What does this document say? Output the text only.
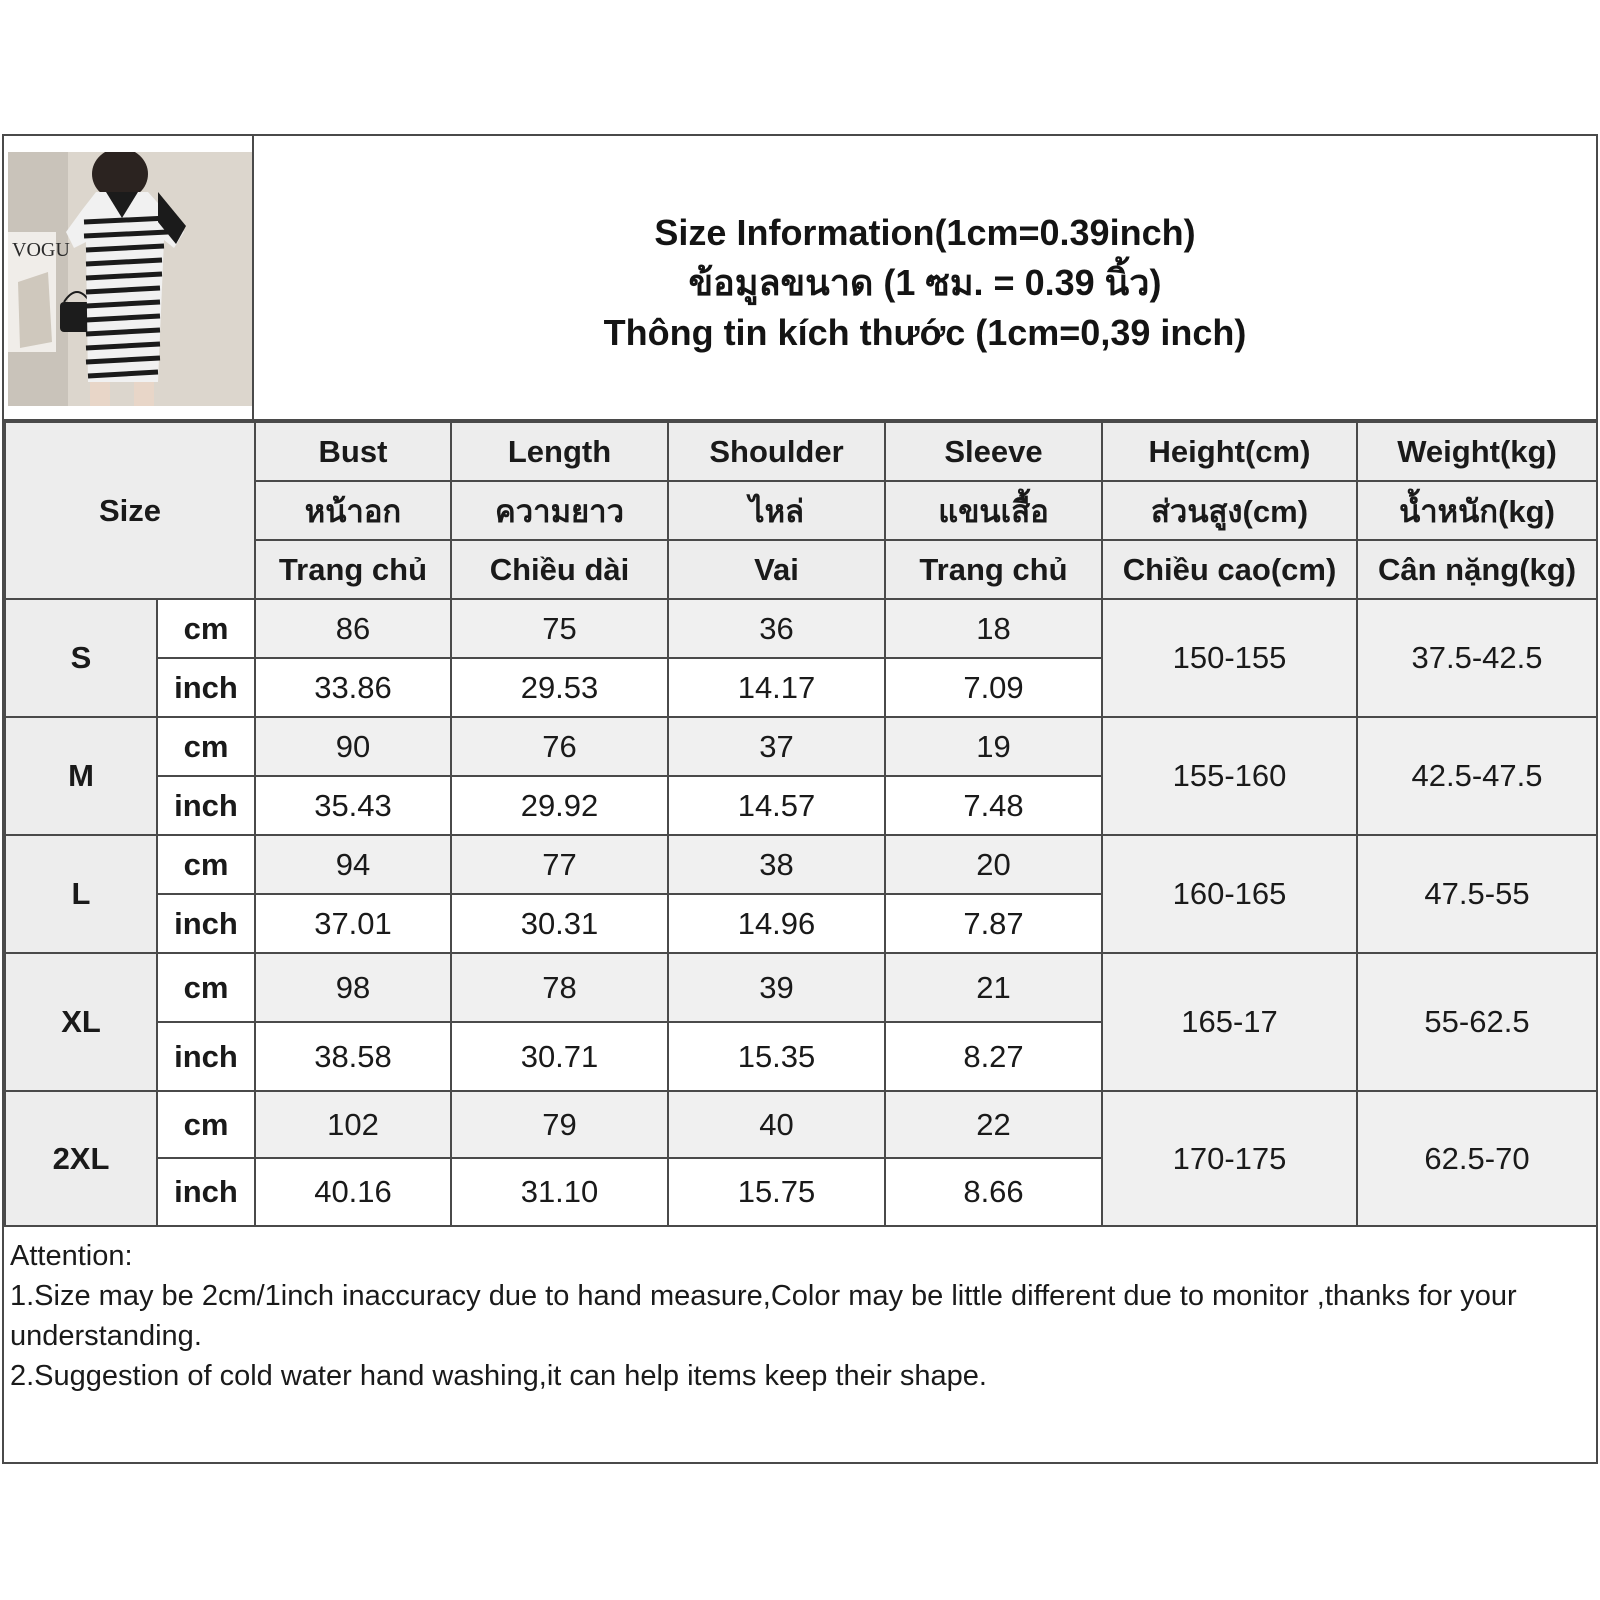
VOGU	Size Information(1cm=0.39inch)
ข้อมูลขนาด (1 ซม. = 0.39 นิ้ว)
Thông tin kích thước (1cm=0,39 inch)
Size		Bust	Length	Shoulder	Sleeve	Height(cm)	Weight(kg)
		หน้าอก	ความยาว	ไหล่	แขนเสื้อ	ส่วนสูง(cm)	น้ำหนัก(kg)
		Trang chủ	Chiều dài	Vai	Trang chủ	Chiều cao(cm)	Cân nặng(kg)
S	cm	86	75	36	18	150-155	37.5-42.5
	inch	33.86	29.53	14.17	7.09		
M	cm	90	76	37	19	155-160	42.5-47.5
	inch	35.43	29.92	14.57	7.48		
L	cm	94	77	38	20	160-165	47.5-55
	inch	37.01	30.31	14.96	7.87		
XL	cm	98	78	39	21	165-17	55-62.5
	inch	38.58	30.71	15.35	8.27		
2XL	cm	102	79	40	22	170-175	62.5-70
	inch	40.16	31.10	15.75	8.66		
Attention:
1.Size may be 2cm/1inch inaccuracy due to hand measure,Color may be little different due to monitor ,thanks for your understanding.
2.Suggestion of cold water hand washing,it can help items keep their shape.
